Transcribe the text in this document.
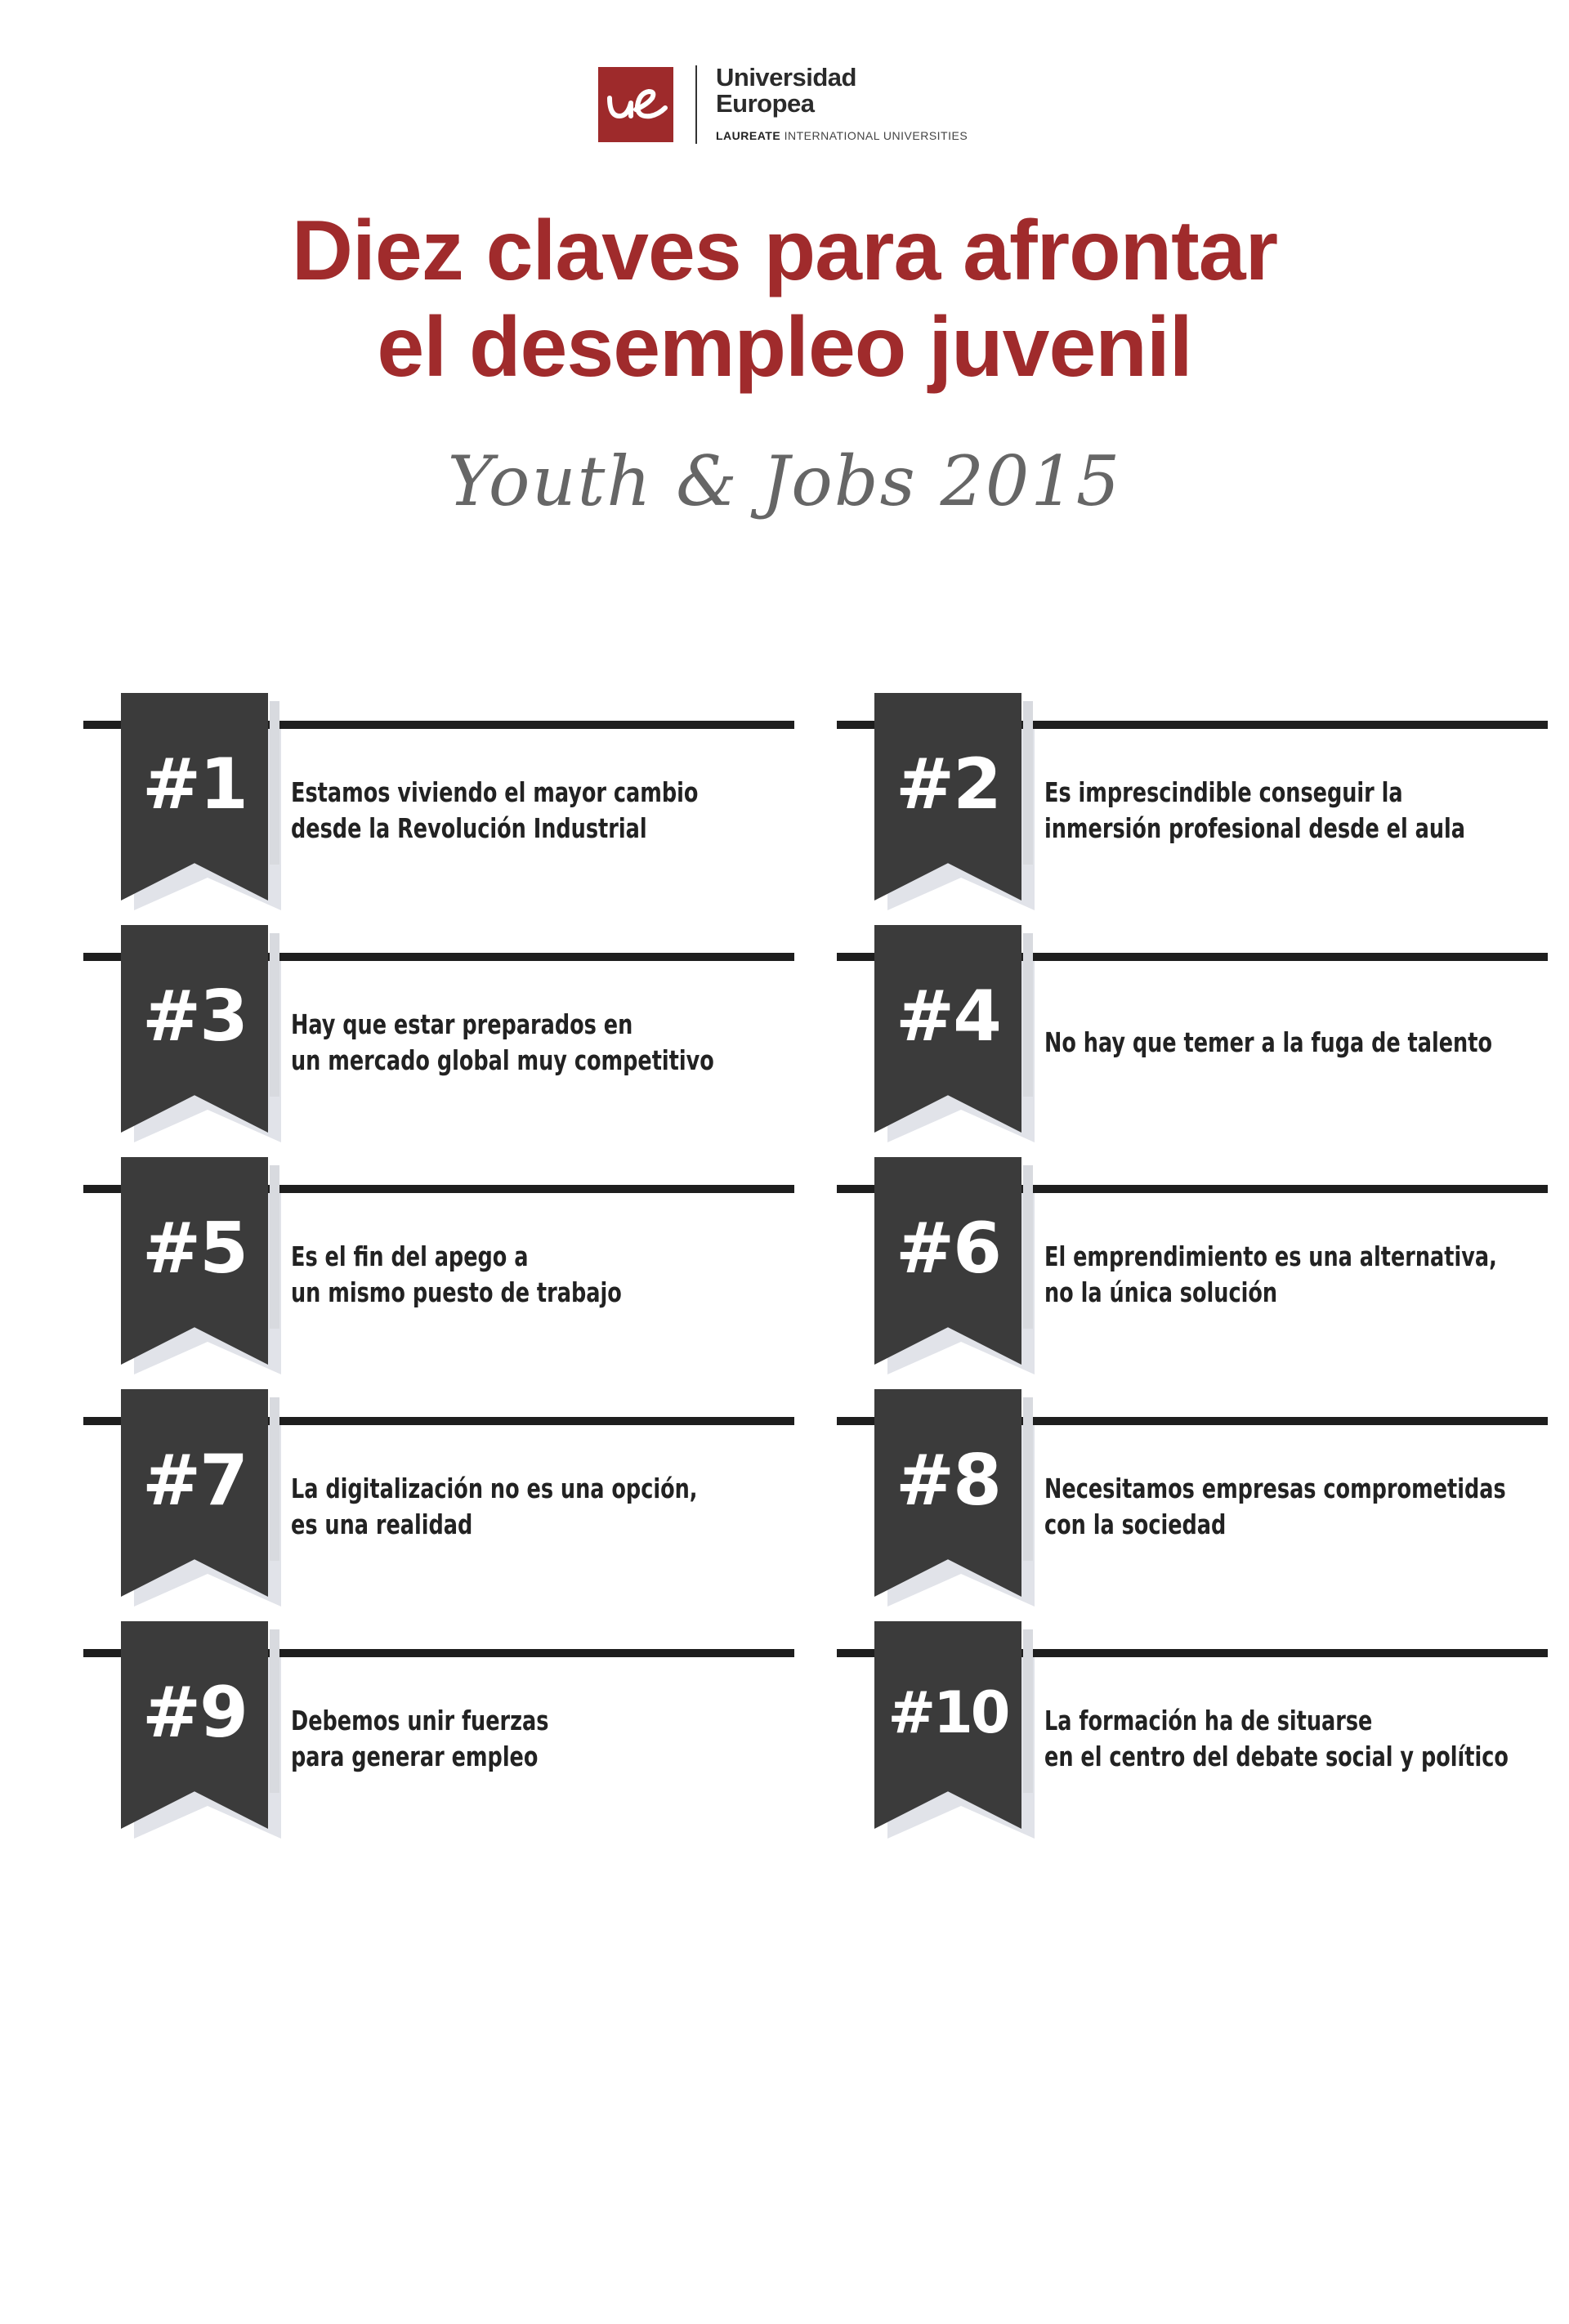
Universidad
Europea
LAUREATE INTERNATIONAL UNIVERSITIES
Diez claves para afrontar
el desempleo juvenil
Youth & Jobs 2015
#1	Estamos viviendo el mayor cambio
desde la Revolución Industrial
#2	Es imprescindible conseguir la
inmersión profesional desde el aula
#3	Hay que estar preparados en
un mercado global muy competitivo
#4	No hay que temer a la fuga de talento
#5	Es el fin del apego a
un mismo puesto de trabajo
#6	El emprendimiento es una alternativa,
no la única solución
#7	La digitalización no es una opción,
es una realidad
#8	Necesitamos empresas comprometidas
con la sociedad
#9	Debemos unir fuerzas
para generar empleo
#10	La formación ha de situarse
en el centro del debate social y político
